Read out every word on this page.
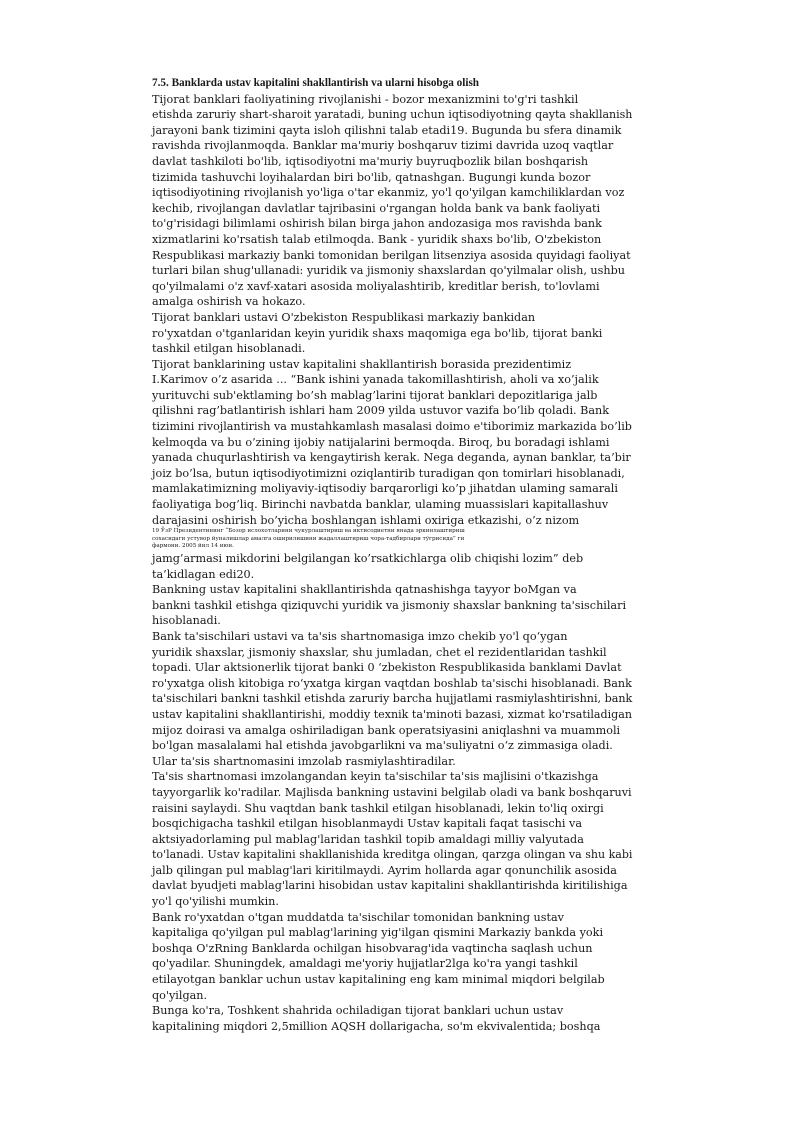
7.5. Banklarda ustav kapitalini shakllantirish va ularni hisobga olish

Tijorat banklari faoliyatining rivojlanishi - bozor mexanizmini to'g'ri tashkil

etishda zaruriy shart-sharoit yaratadi, buning uchun iqtisodiyotning qayta shakllanish

jarayoni bank tizimini qayta isloh qilishni talab etadi19. Bugunda bu sfera dinamik

ravishda rivojlanmoqda. Banklar ma'muriy boshqaruv tizimi davrida uzoq vaqtlar

davlat tashkiloti bo'lib, iqtisodiyotni ma'muriy buyruqbozlik bilan boshqarish

tizimida tashuvchi loyihalardan biri bo'lib, qatnashgan. Bugungi kunda bozor

iqtisodiyotining rivojlanish yo'liga o'tar ekanmiz, yo'l qo'yilgan kamchiliklardan voz

kechib, rivojlangan davlatlar tajribasini o'rgangan holda bank va bank faoliyati

to'g'risidagi bilimlami oshirish bilan birga jahon andozasiga mos ravishda bank

xizmatlarini ko'rsatish talab etilmoqda. Bank - yuridik shaxs bo'lib, O'zbekiston

Respublikasi markaziy banki tomonidan berilgan litsenziya asosida quyidagi faoliyat

turlari bilan shug'ullanadi: yuridik va jismoniy shaxslardan qo'yilmalar olish, ushbu

qo'yilmalami o'z xavf-xatari asosida moliyalashtirib, kreditlar berish, to'lovlami

amalga oshirish va hokazo.

Tijorat banklari ustavi O'zbekiston Respublikasi markaziy bankidan

ro'yxatdan o'tganlaridan keyin yuridik shaxs maqomiga ega bo'lib, tijorat banki

tashkil etilgan hisoblanadi.

Tijorat banklarining ustav kapitalini shakllantirish borasida prezidentimiz

I.Karimov o’z asarida ... “Bank ishini yanada takomillashtirish, aholi va xo’jalik

yurituvchi sub'ektlaming bo’sh mablag’larini tijorat banklari depozitlariga jalb

qilishni rag’batlantirish ishlari ham 2009 yilda ustuvor vazifa bo’lib qoladi. Bank

tizimini rivojlantirish va mustahkamlash masalasi doimo e'tiborimiz markazida bo’lib

kelmoqda va bu o’zining ijobiy natijalarini bermoqda. Biroq, bu boradagi ishlami

yanada chuqurlashtirish va kengaytirish kerak. Nega deganda, aynan banklar, ta’bir

joiz bo’lsa, butun iqtisodiyotimizni oziqlantirib turadigan qon tomirlari hisoblanadi,

mamlakatimizning moliyaviy-iqtisodiy barqarorligi ko’p jihatdan ulaming samarali

faoliyatiga bog’liq. Birinchi navbatda banklar, ulaming muassislari kapitallashuv

darajasini oshirish bo’yicha boshlangan ishlami oxiriga etkazishi, o’z nizom

19 ЎзР Президентининг “Бозор ислохотларини чукурлаштириш ва иктисодиетни янада эркинлаштириш

сохасидаги устувор йуналишлар амалга оширилишини жадаллаштириш чора-тадбирлари тўгрисида” ги

фармони. 2005 йил 14 июн.

jamg’armasi mikdorini belgilangan ko’rsatkichlarga olib chiqishi lozim” deb

ta’kidlagan edi20.

Bankning ustav kapitalini shakllantirishda qatnashishga tayyor boMgan va

bankni tashkil etishga qiziquvchi yuridik va jismoniy shaxslar bankning ta'sischilari

hisoblanadi.

Bank ta'sischilari ustavi va ta'sis shartnomasiga imzo chekib yo'l qo‘ygan

yuridik shaxslar, jismoniy shaxslar, shu jumladan, chet el rezidentlaridan tashkil

topadi. Ular aktsionerlik tijorat banki 0 ‘zbekiston Respublikasida banklami Davlat

ro'yxatga olish kitobiga ro‘yxatga kirgan vaqtdan boshlab ta'sischi hisoblanadi. Bank

ta'sischilari bankni tashkil etishda zaruriy barcha hujjatlami rasmiylashtirishni, bank

ustav kapitalini shakllantirishi, moddiy texnik ta'minoti bazasi, xizmat ko'rsatiladigan

mijoz doirasi va amalga oshiriladigan bank operatsiyasini aniqlashni va muammoli

bo'lgan masalalami hal etishda javobgarlikni va ma'suliyatni o‘z zimmasiga oladi.

Ular ta'sis shartnomasini imzolab rasmiylashtiradilar.

Ta'sis shartnomasi imzolangandan keyin ta'sischilar ta'sis majlisini o'tkazishga

tayyorgarlik ko'radilar. Majlisda bankning ustavini belgilab oladi va bank boshqaruvi

raisini saylaydi. Shu vaqtdan bank tashkil etilgan hisoblanadi, lekin to'liq oxirgi

bosqichigacha tashkil etilgan hisoblanmaydi Ustav kapitali faqat tasischi va

aktsiyadorlaming pul mablag'laridan tashkil topib amaldagi milliy valyutada

to'lanadi. Ustav kapitalini shakllanishida kreditga olingan, qarzga olingan va shu kabi

jalb qilingan pul mablag'lari kiritilmaydi. Ayrim hollarda agar qonunchilik asosida

davlat byudjeti mablag'larini hisobidan ustav kapitalini shakllantirishda kiritilishiga

yo'l qo'yilishi mumkin.

Bank ro'yxatdan o'tgan muddatda ta'sischilar tomonidan bankning ustav

kapitaliga qo'yilgan pul mablag'larining yig'ilgan qismini Markaziy bankda yoki

boshqa O'zRning Banklarda ochilgan hisobvarag'ida vaqtincha saqlash uchun

qo'yadilar. Shuningdek, amaldagi me'yoriy hujjatlar2lga ko'ra yangi tashkil

etilayotgan banklar uchun ustav kapitalining eng kam minimal miqdori belgilab

qo'yilgan.

Bunga ko'ra, Toshkent shahrida ochiladigan tijorat banklari uchun ustav

kapitalining miqdori 2,5million AQSH dollarigacha, so'm ekvivalentida; boshqa
